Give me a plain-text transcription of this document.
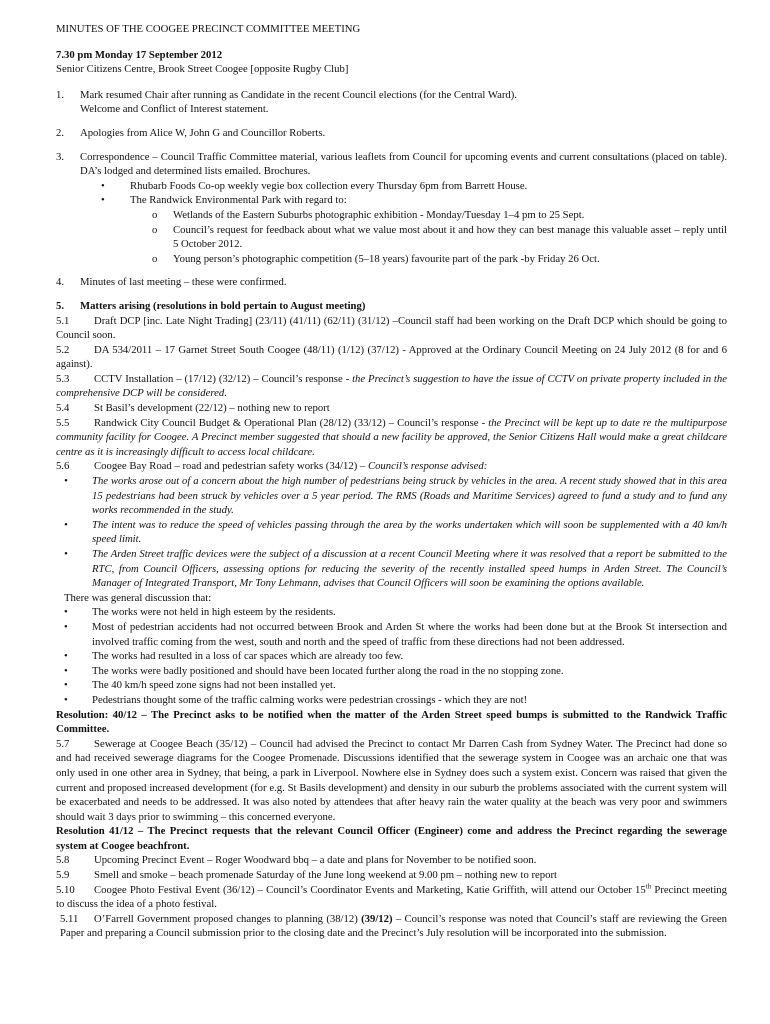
MINUTES OF THE COOGEE PRECINCT COMMITTEE MEETING

7.30 pm Monday 17 September 2012

Senior Citizens Centre, Brook Street Coogee [opposite Rugby Club]

1.	Mark resumed Chair after running as Candidate in the recent Council elections (for the Central Ward).

Welcome and Conflict of Interest statement.

2.	Apologies from Alice W, John G and Councillor Roberts.

3.	Correspondence – Council Traffic Committee material, various leaflets from Council for upcoming events and current consultations (placed on table). DA’s lodged and determined lists emailed. Brochures.

•	Rhubarb Foods Co-op weekly vegie box collection every Thursday 6pm from Barrett House.
•	The Randwick Environmental Park with regard to:
o	Wetlands of the Eastern Suburbs photographic exhibition - Monday/Tuesday 1–4 pm to 25 Sept.
o	Council’s request for feedback about what we value most about it and how they can best manage this valuable asset – reply until 5 October 2012.
o	Young person’s photographic competition (5–18 years) favourite part of the park -by Friday 26 Oct.
4.	Minutes of last meeting – these were confirmed.

5.	Matters arising (resolutions in bold pertain to August meeting)

5.1 Draft DCP [inc. Late Night Trading] (23/11) (41/11) (62/11) (31/12) –Council staff had been working on the Draft DCP which should be going to Council soon.

5.2 DA 534/2011 – 17 Garnet Street South Coogee (48/11) (1/12) (37/12) - Approved at the Ordinary Council Meeting on 24 July 2012 (8 for and 6 against).

5.3 CCTV Installation – (17/12) (32/12) – Council’s response - the Precinct’s suggestion to have the issue of CCTV on private property included in the comprehensive DCP will be considered.

5.4 St Basil’s development (22/12) – nothing new to report

5.5 Randwick City Council Budget & Operational Plan (28/12) (33/12) – Council’s response - the Precinct will be kept up to date re the multipurpose community facility for Coogee. A Precinct member suggested that should a new facility be approved, the Senior Citizens Hall would make a great childcare centre as it is increasingly difficult to access local childcare.

5.6 Coogee Bay Road – road and pedestrian safety works (34/12) – Council’s response advised:

•	The works arose out of a concern about the high number of pedestrians being struck by vehicles in the area. A recent study showed that in this area 15 pedestrians had been struck by vehicles over a 5 year period. The RMS (Roads and Maritime Services) agreed to fund a study and to fund any works recommended in the study.
•	The intent was to reduce the speed of vehicles passing through the area by the works undertaken which will soon be supplemented with a 40 km/h speed limit.
•	The Arden Street traffic devices were the subject of a discussion at a recent Council Meeting where it was resolved that a report be submitted to the RTC, from Council Officers, assessing options for reducing the severity of the recently installed speed humps in Arden Street. The Council’s Manager of Integrated Transport, Mr Tony Lehmann, advises that Council Officers will soon be examining the options available.

There was general discussion that:

•	The works were not held in high esteem by the residents.
•	Most of pedestrian accidents had not occurred between Brook and Arden St where the works had been done but at the Brook St intersection and involved traffic coming from the west, south and north and the speed of traffic from these directions had not been addressed.
•	The works had resulted in a loss of car spaces which are already too few.
•	The works were badly positioned and should have been located further along the road in the no stopping zone.
•	The 40 km/h speed zone signs had not been installed yet.
•	Pedestrians thought some of the traffic calming works were pedestrian crossings - which they are not!

Resolution: 40/12 – The Precinct asks to be notified when the matter of the Arden Street speed bumps is submitted to the Randwick Traffic Committee.

5.7 Sewerage at Coogee Beach (35/12) – Council had advised the Precinct to contact Mr Darren Cash from Sydney Water. The Precinct had done so and had received sewerage diagrams for the Coogee Promenade. Discussions identified that the sewerage system in Coogee was an archaic one that was only used in one other area in Sydney, that being, a park in Liverpool. Nowhere else in Sydney does such a system exist. Concern was raised that given the current and proposed increased development (for e.g. St Basils development) and density in our suburb the problems associated with the current system will be exacerbated and needs to be addressed. It was also noted by attendees that after heavy rain the water quality at the beach was very poor and swimmers should wait 3 days prior to swimming – this concerned everyone.

Resolution 41/12 – The Precinct requests that the relevant Council Officer (Engineer) come and address the Precinct regarding the sewerage system at Coogee beachfront.

5.8 Upcoming Precinct Event – Roger Woodward bbq – a date and plans for November to be notified soon.

5.9 Smell and smoke – beach promenade Saturday of the June long weekend at 9.00 pm – nothing new to report

5.10 Coogee Photo Festival Event (36/12) – Council’s Coordinator Events and Marketing, Katie Griffith, will attend our October 15th Precinct meeting to discuss the idea of a photo festival.

5.11 O’Farrell Government proposed changes to planning (38/12) (39/12) – Council’s response was noted that Council’s staff are reviewing the Green Paper and preparing a Council submission prior to the closing date and the Precinct’s July resolution will be incorporated into the submission.
